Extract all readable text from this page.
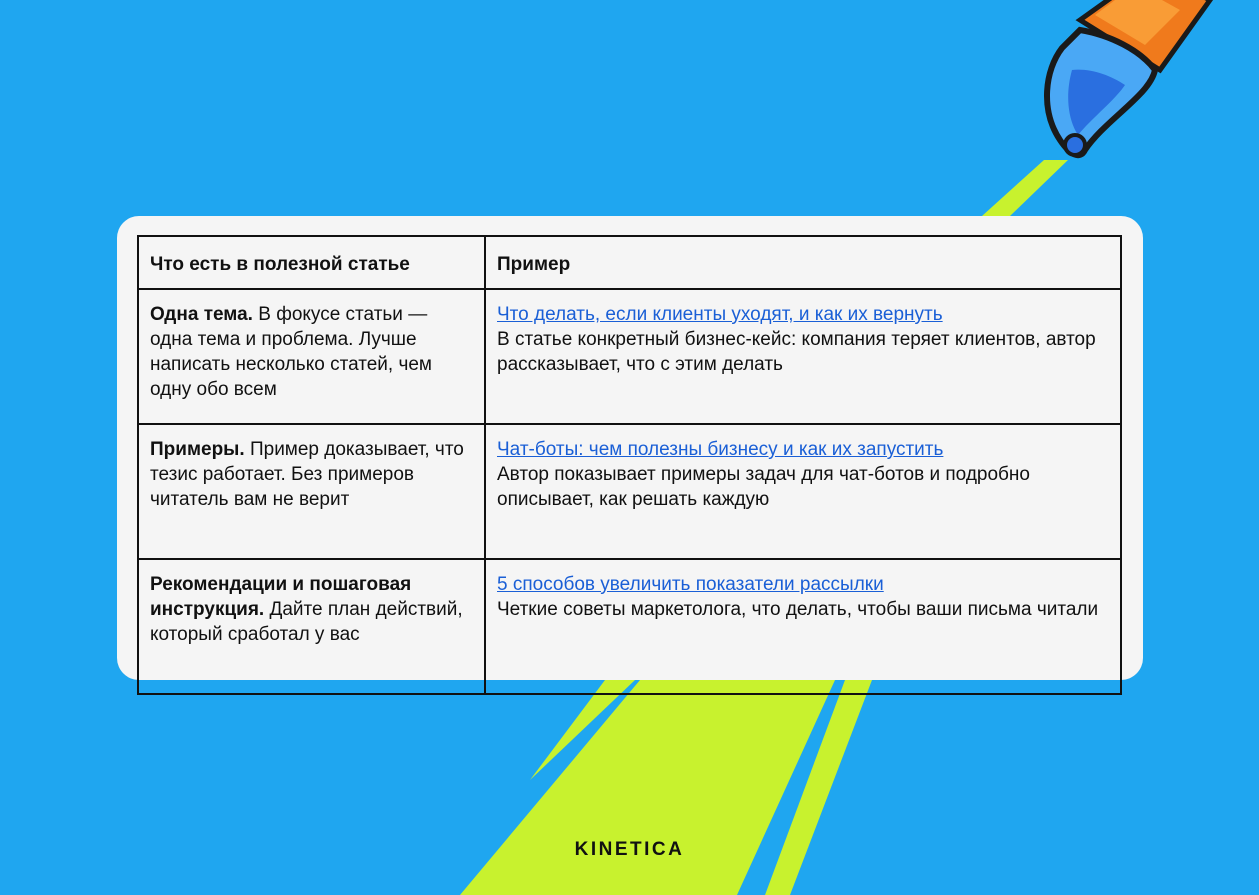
Что есть в полезной статье	Пример
Одна тема. В фокусе статьи — одна тема и проблема. Лучше написать несколько статей, чем одну обо всем	Что делать, если клиенты уходят, и как их вернуть
В статье конкретный бизнес-кейс: компания теряет клиентов, автор рассказывает, что с этим делать
Примеры. Пример доказывает, что тезис работает. Без примеров читатель вам не верит	Чат-боты: чем полезны бизнесу и как их запустить
Автор показывает примеры задач для чат-ботов и подробно описывает, как решать каждую
Рекомендации и пошаговая инструкция. Дайте план действий, который сработал у вас	5 способов увеличить показатели рассылки
Четкие советы маркетолога, что делать, чтобы ваши письма читали
KINETICA
